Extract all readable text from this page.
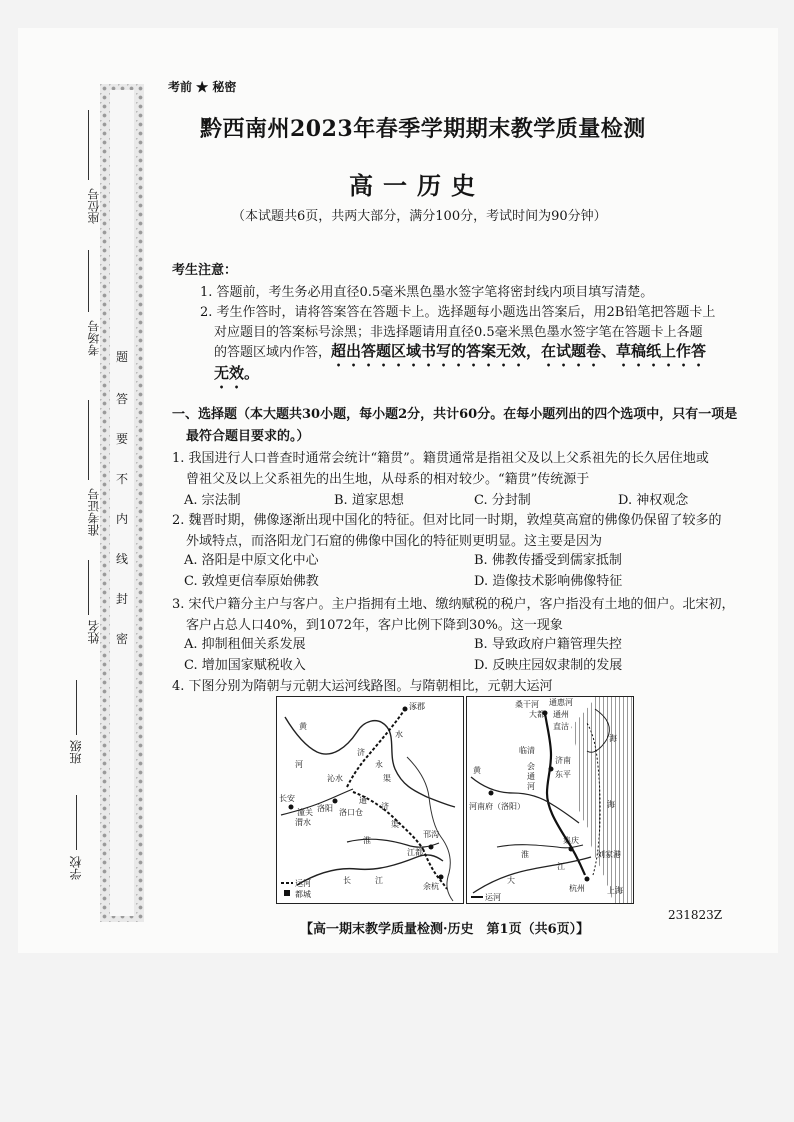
题
答
要
不
内
线
封
密
座位号
考场号
准考证号
姓名
班级
学校
考前 ★ 秘密
黔西南州2023年春季学期期末教学质量检测
高一历史
（本试题共6页，共两大部分，满分100分，考试时间为90分钟）
考生注意：
1. 答题前，考生务必用直径0.5毫米黑色墨水签字笔将密封线内项目填写清楚。
2. 考生作答时，请将答案答在答题卡上。选择题每小题选出答案后，用2B铅笔把答题卡上
对应题目的答案标号涂黑；非选择题请用直径0.5毫米黑色墨水签字笔在答题卡上各题
的答题区域内作答，超出答题区域书写的答案无效，在试题卷、草稿纸上作答
无效。
一、选择题（本大题共30小题，每小题2分，共计60分。在每小题列出的四个选项中，只有一项是
最符合题目要求的。）
1. 我国进行人口普查时通常会统计“籍贯”。籍贯通常是指祖父及以上父系祖先的长久居住地或
曾祖父及以上父系祖先的出生地，从母系的相对较少。“籍贯”传统源于
A. 宗法制	B. 道家思想	C. 分封制	D. 神权观念
2. 魏晋时期，佛像逐渐出现中国化的特征。但对比同一时期，敦煌莫高窟的佛像仍保留了较多的
外域特点，而洛阳龙门石窟的佛像中国化的特征则更明显。这主要是因为
A. 洛阳是中原文化中心	B. 佛教传播受到儒家抵制
C. 敦煌更信奉原始佛教	D. 造像技术影响佛像特征
3. 宋代户籍分主户与客户。主户指拥有土地、缴纳赋税的税户，客户指没有土地的佃户。北宋初，
客户占总人口40%，到1072年，客户比例下降到30%。这一现象
A. 抑制租佃关系发展	B. 导致政府户籍管理失控
C. 增加国家赋税收入	D. 反映庄园奴隶制的发展
4. 下图分别为隋朝与元朝大运河线路图。与隋朝相比，元朝大运河
涿郡
黄
水
济
河
沁水
长安
潼关
渭水
洛阳 洛口仓
通
济
渠
淮
江
长
江都
邗沟
余杭
永
渠
运河
都城
桑干河 通惠河
大都 通州
直沽
海
临清
济南
东平
会
通
河
黄
河南府（洛阳）
淮
集庆
江
刘家港
杭州
大
上海
运河
海
231823Z
【高一期末教学质量检测·历史　第1页（共6页）】
